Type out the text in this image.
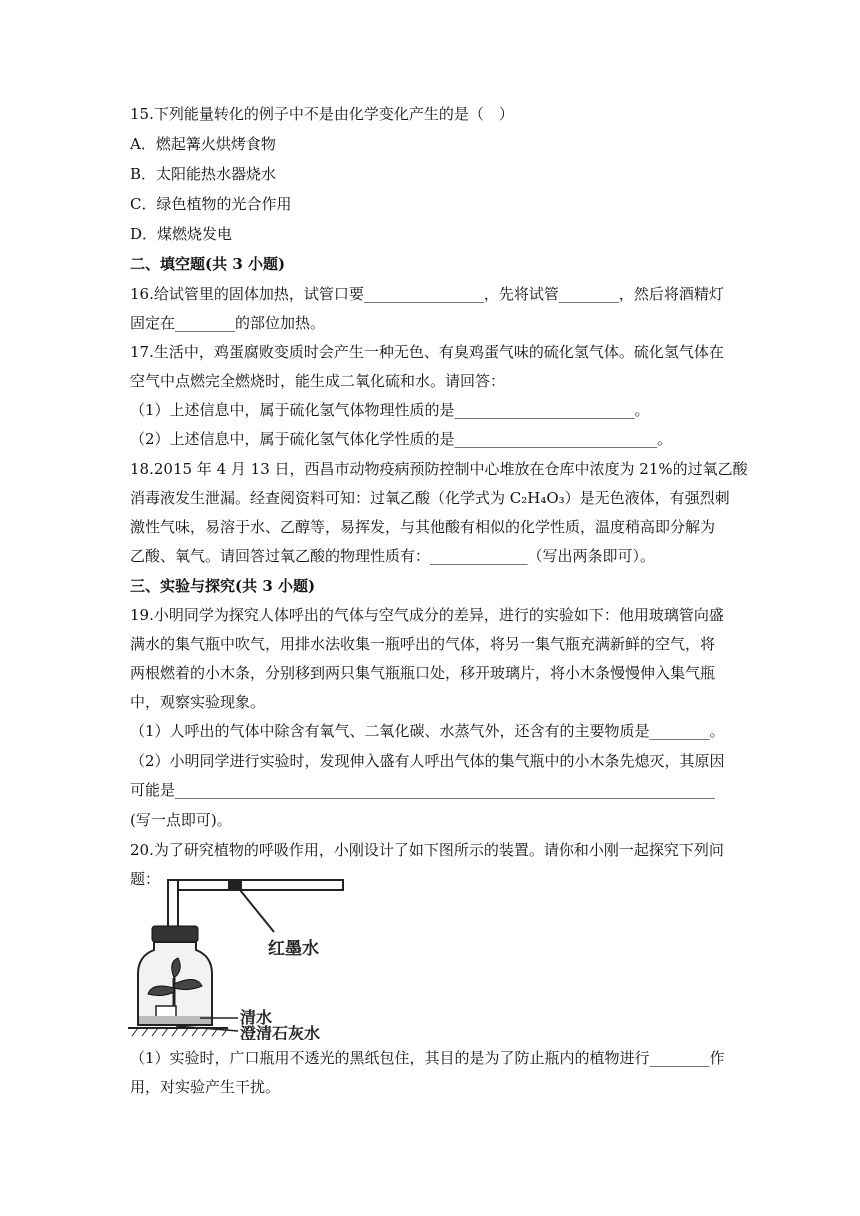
15.下列能量转化的例子中不是由化学变化产生的是（　）
A．燃起篝火烘烤食物
B．太阳能热水器烧水
C．绿色植物的光合作用
D．煤燃烧发电
二、填空题(共 3 小题)
16.给试管里的固体加热，试管口要________________，先将试管________，然后将酒精灯
固定在________的部位加热。
17.生活中，鸡蛋腐败变质时会产生一种无色、有臭鸡蛋气味的硫化氢气体。硫化氢气体在
空气中点燃完全燃烧时，能生成二氧化硫和水。请回答：
（1）上述信息中，属于硫化氢气体物理性质的是________________________。
（2）上述信息中，属于硫化氢气体化学性质的是___________________________。
18.2015 年 4 月 13 日，西昌市动物疫病预防控制中心堆放在仓库中浓度为 21%的过氧乙酸
消毒液发生泄漏。经查阅资料可知：过氧乙酸（化学式为 C₂H₄O₃）是无色液体，有强烈刺
激性气味，易溶于水、乙醇等，易挥发，与其他酸有相似的化学性质，温度稍高即分解为
乙酸、氧气。请回答过氧乙酸的物理性质有：_____________（写出两条即可）。
三、实验与探究(共 3 小题)
19.小明同学为探究人体呼出的气体与空气成分的差异，进行的实验如下：他用玻璃管向盛
满水的集气瓶中吹气，用排水法收集一瓶呼出的气体，将另一集气瓶充满新鲜的空气，将
两根燃着的小木条，分别移到两只集气瓶瓶口处，移开玻璃片，将小木条慢慢伸入集气瓶
中，观察实验现象。
（1）人呼出的气体中除含有氧气、二氧化碳、水蒸气外，还含有的主要物质是________。
（2）小明同学进行实验时，发现伸入盛有人呼出气体的集气瓶中的小木条先熄灭，其原因
可能是________________________________________________________________________
(写一点即可)。
20.为了研究植物的呼吸作用，小刚设计了如下图所示的装置。请你和小刚一起探究下列问
题：
红墨水
清水
澄清石灰水
（1）实验时，广口瓶用不透光的黑纸包住，其目的是为了防止瓶内的植物进行________作
用，对实验产生干扰。
